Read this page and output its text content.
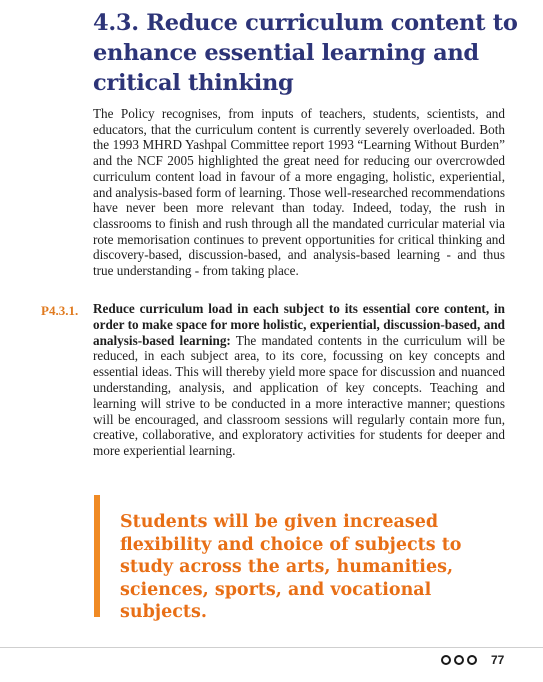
4.3. Reduce curriculum content to enhance essential learning and critical thinking

The Policy recognises, from inputs of teachers, students, scientists, and educators, that the curriculum content is currently severely overloaded. Both the 1993 MHRD Yashpal Committee report 1993 “Learning Without Burden” and the NCF 2005 highlighted the great need for reducing our overcrowded curriculum content load in favour of a more engaging, holistic, experiential, and analysis-based form of learning. Those well-researched recommendations have never been more relevant than today. Indeed, today, the rush in classrooms to finish and rush through all the mandated curricular material via rote memorisation continues to prevent opportunities for critical thinking and discovery-based, discussion-based, and analysis-based learning - and thus true understanding - from taking place.

P4.3.1. Reduce curriculum load in each subject to its essential core content, in order to make space for more holistic, experiential, discussion-based, and analysis-based learning: The mandated contents in the curriculum will be reduced, in each subject area, to its core, focussing on key concepts and essential ideas. This will thereby yield more space for discussion and nuanced understanding, analysis, and application of key concepts. Teaching and learning will strive to be conducted in a more interactive manner; questions will be encouraged, and classroom sessions will regularly contain more fun, creative, collaborative, and exploratory activities for students for deeper and more experiential learning.

Students will be given increased flexibility and choice of subjects to study across the arts, humanities, sciences, sports, and vocational subjects.

77
